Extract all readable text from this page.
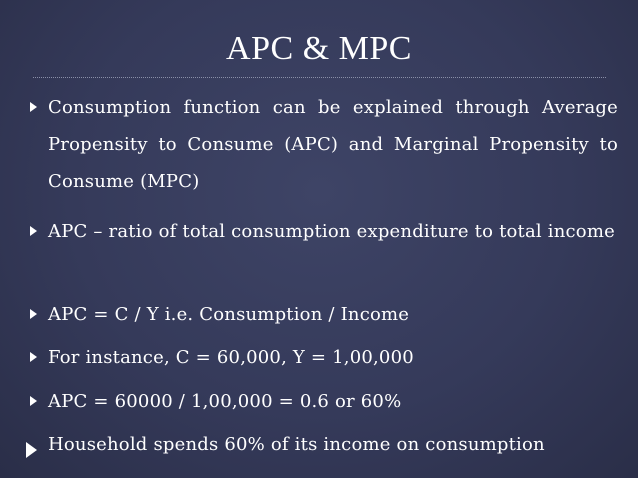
APC & MPC
Consumption function can be explained through Average Propensity to Consume (APC) and Marginal Propensity to Consume (MPC)
APC – ratio of total consumption expenditure to total income
APC = C / Y i.e. Consumption / Income
For instance, C = 60,000, Y = 1,00,000
APC = 60000 / 1,00,000 = 0.6 or 60%
Household spends 60% of its income on consumption
